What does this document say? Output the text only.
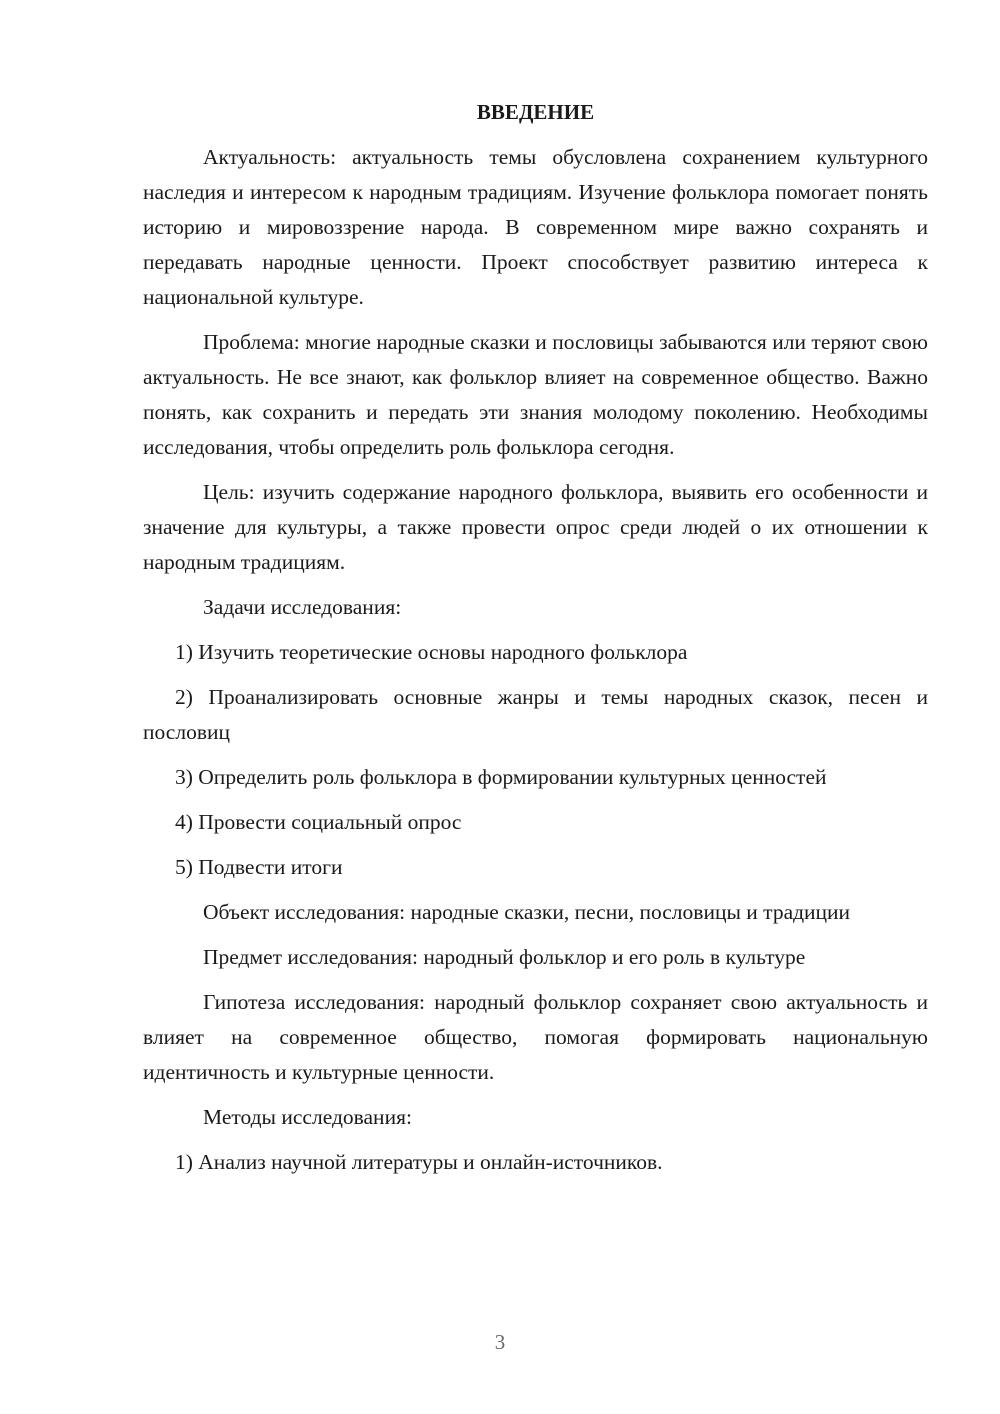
ВВЕДЕНИЕ
Актуальность: актуальность темы обусловлена сохранением культурного наследия и интересом к народным традициям. Изучение фольклора помогает понять историю и мировоззрение народа. В современном мире важно сохранять и передавать народные ценности. Проект способствует развитию интереса к национальной культуре.
Проблема: многие народные сказки и пословицы забываются или теряют свою актуальность. Не все знают, как фольклор влияет на современное общество. Важно понять, как сохранить и передать эти знания молодому поколению. Необходимы исследования, чтобы определить роль фольклора сегодня.
Цель: изучить содержание народного фольклора, выявить его особенности и значение для культуры, а также провести опрос среди людей о их отношении к народным традициям.
Задачи исследования:
1) Изучить теоретические основы народного фольклора
2) Проанализировать основные жанры и темы народных сказок, песен и пословиц
3) Определить роль фольклора в формировании культурных ценностей
4) Провести социальный опрос
5) Подвести итоги
Объект исследования: народные сказки, песни, пословицы и традиции
Предмет исследования: народный фольклор и его роль в культуре
Гипотеза исследования: народный фольклор сохраняет свою актуальность и влияет на современное общество, помогая формировать национальную идентичность и культурные ценности.
Методы исследования:
1) Анализ научной литературы и онлайн-источников.
3
